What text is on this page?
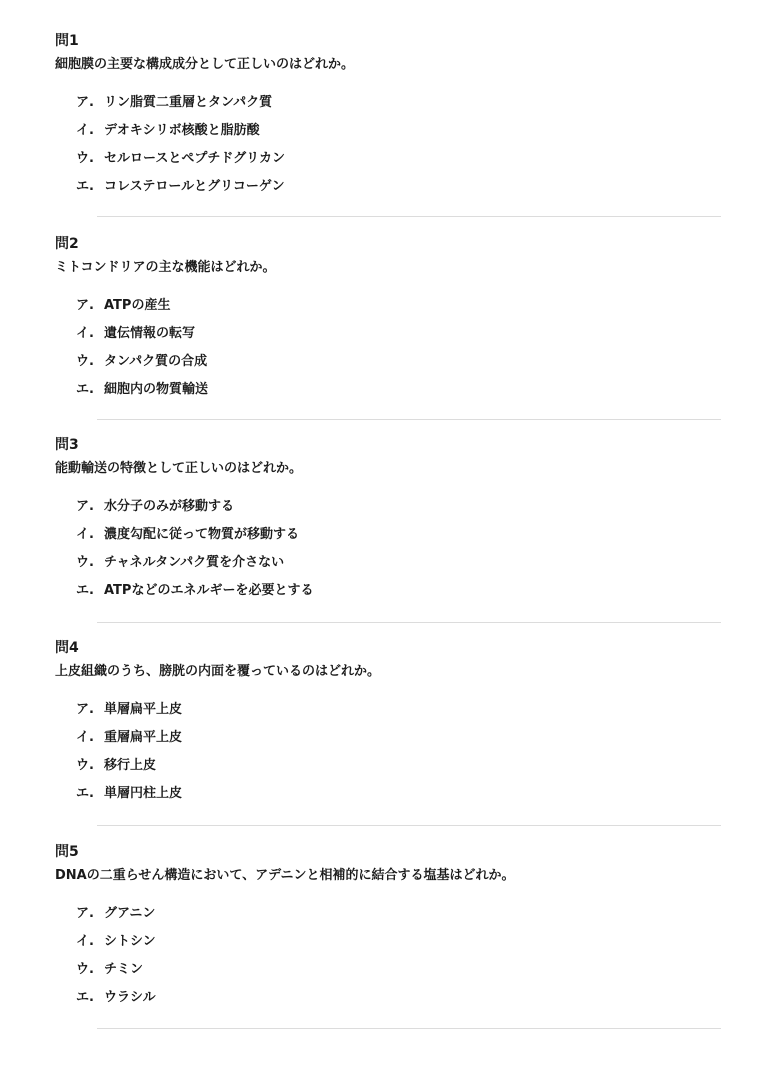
問1
細胞膜の主要な構成成分として正しいのはどれか。
ア. リン脂質二重層とタンパク質
イ. デオキシリボ核酸と脂肪酸
ウ. セルロースとペプチドグリカン
エ. コレステロールとグリコーゲン
問2
ミトコンドリアの主な機能はどれか。
ア. ATPの産生
イ. 遺伝情報の転写
ウ. タンパク質の合成
エ. 細胞内の物質輸送
問3
能動輸送の特徴として正しいのはどれか。
ア. 水分子のみが移動する
イ. 濃度勾配に従って物質が移動する
ウ. チャネルタンパク質を介さない
エ. ATPなどのエネルギーを必要とする
問4
上皮組織のうち、膀胱の内面を覆っているのはどれか。
ア. 単層扁平上皮
イ. 重層扁平上皮
ウ. 移行上皮
エ. 単層円柱上皮
問5
DNAの二重らせん構造において、アデニンと相補的に結合する塩基はどれか。
ア. グアニン
イ. シトシン
ウ. チミン
エ. ウラシル
